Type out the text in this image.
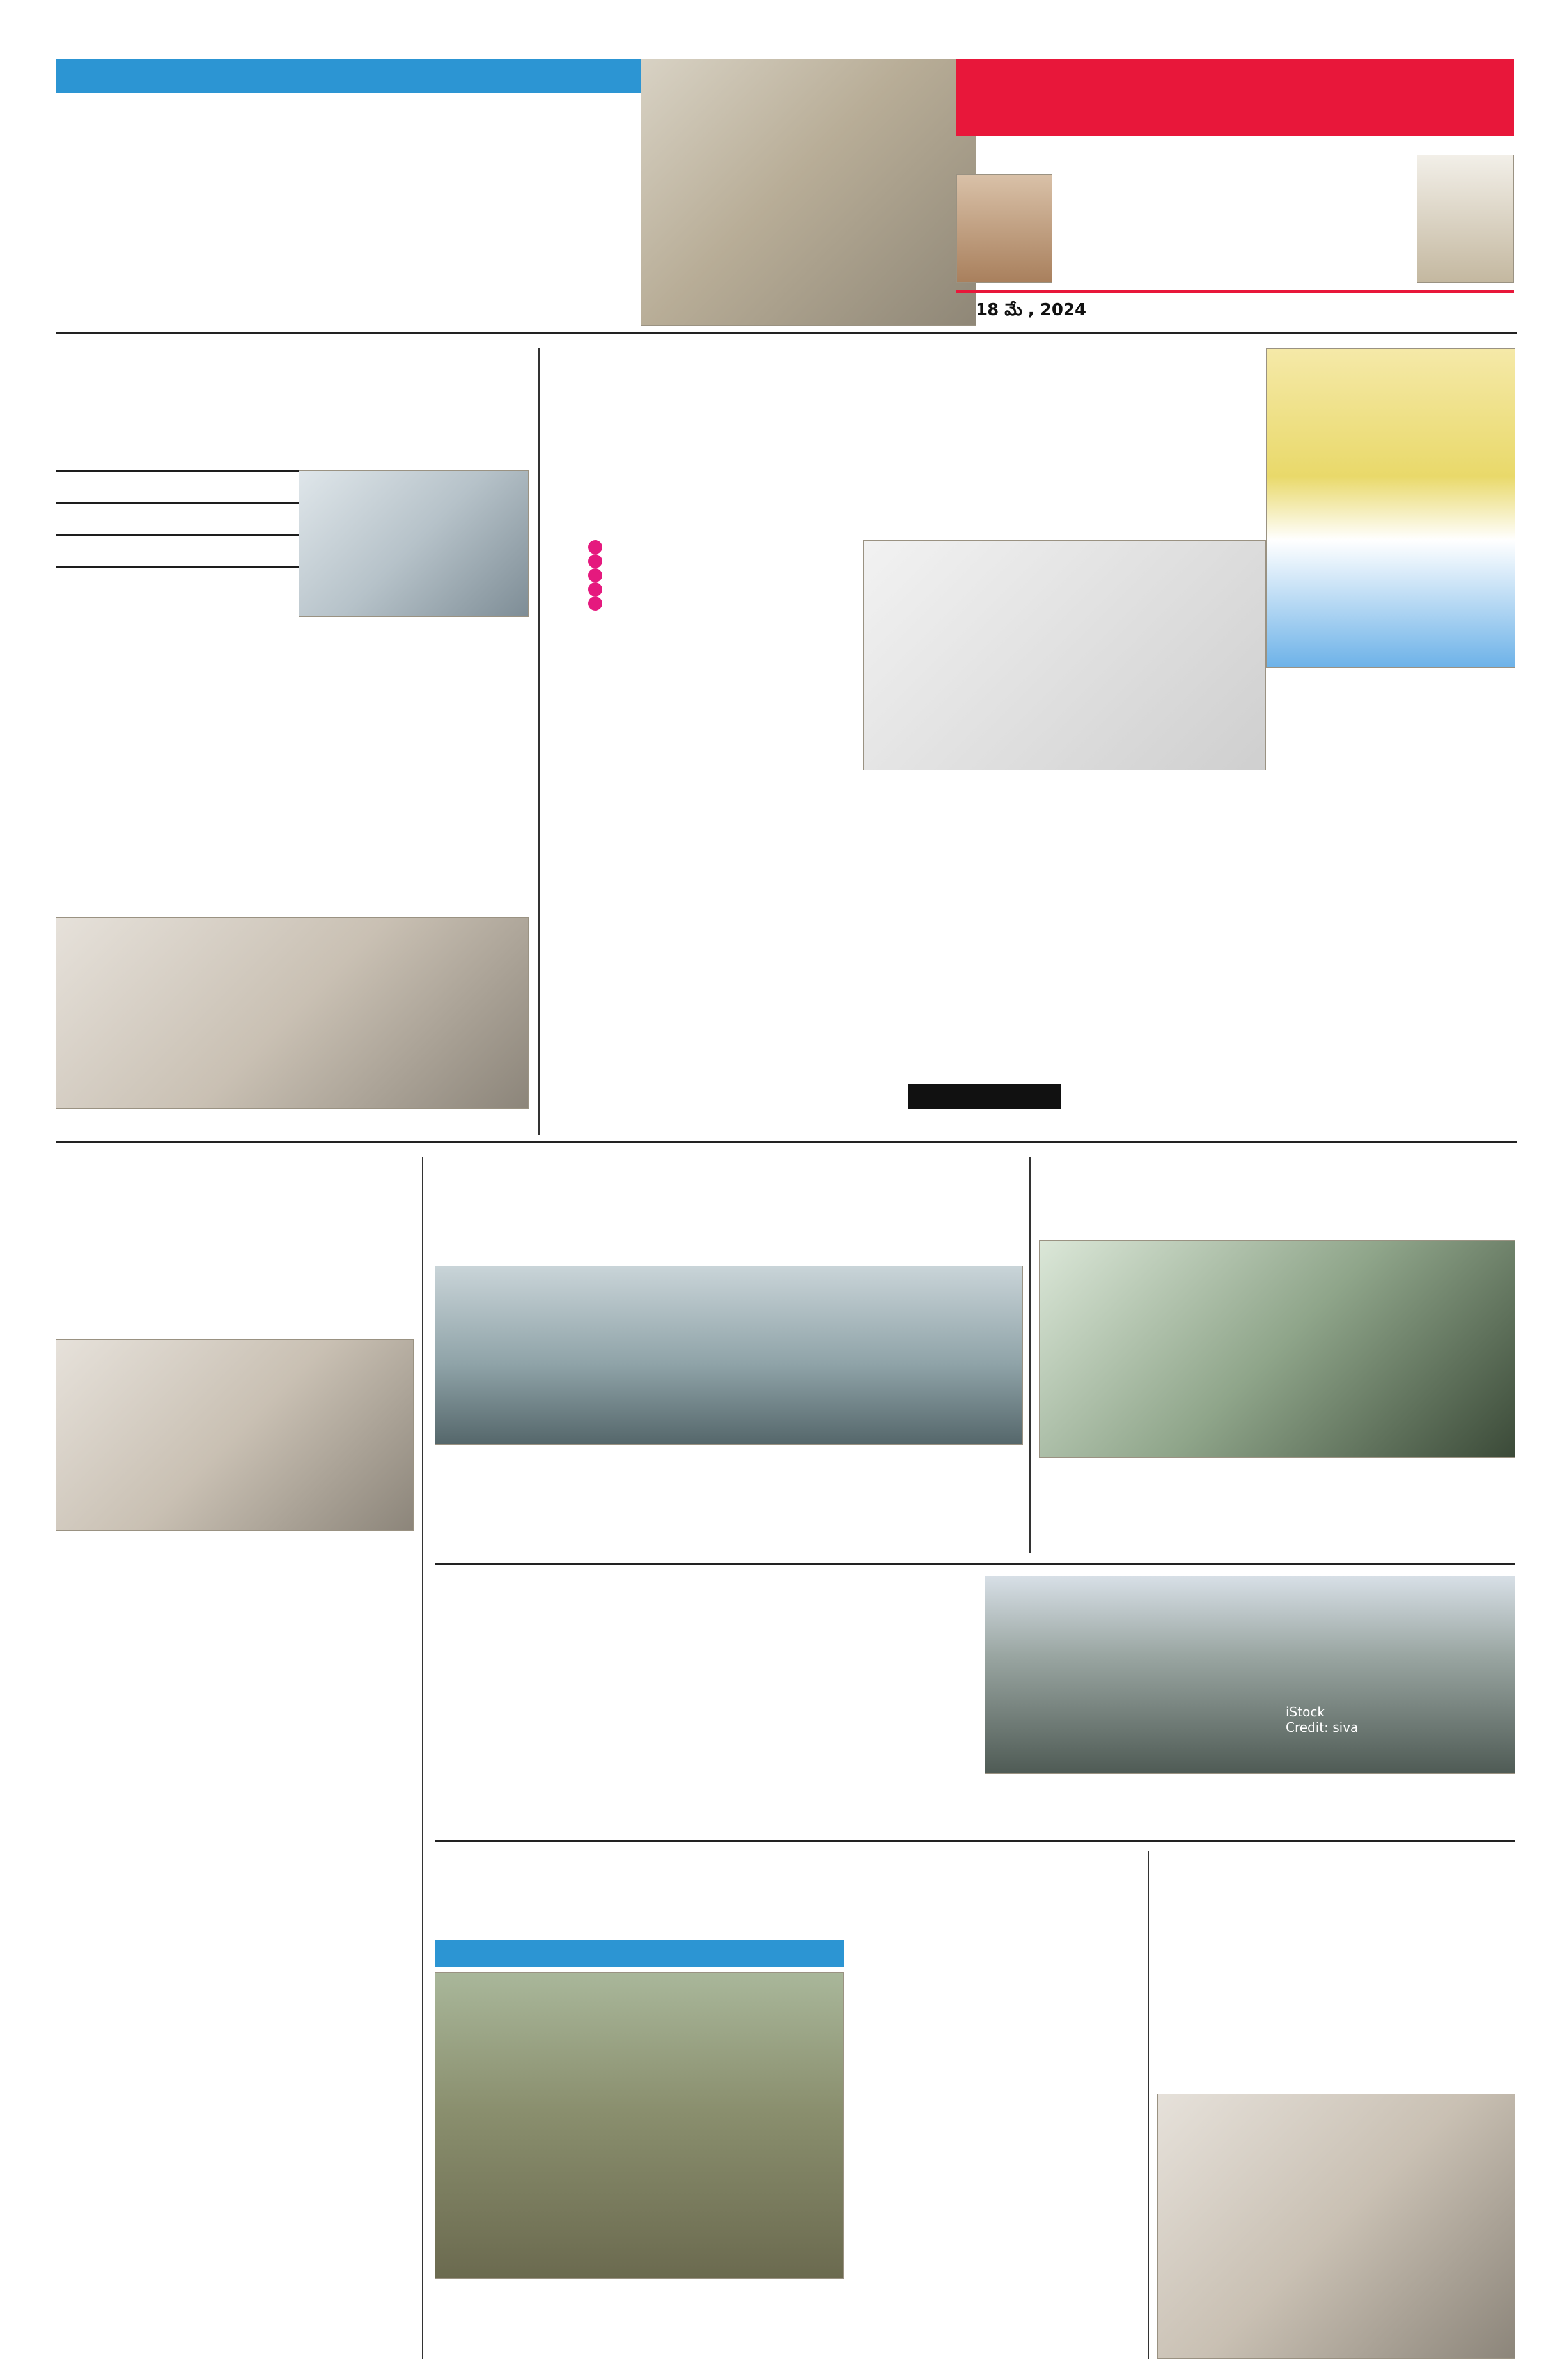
18 మే , 2024
iStock
Credit: siva
